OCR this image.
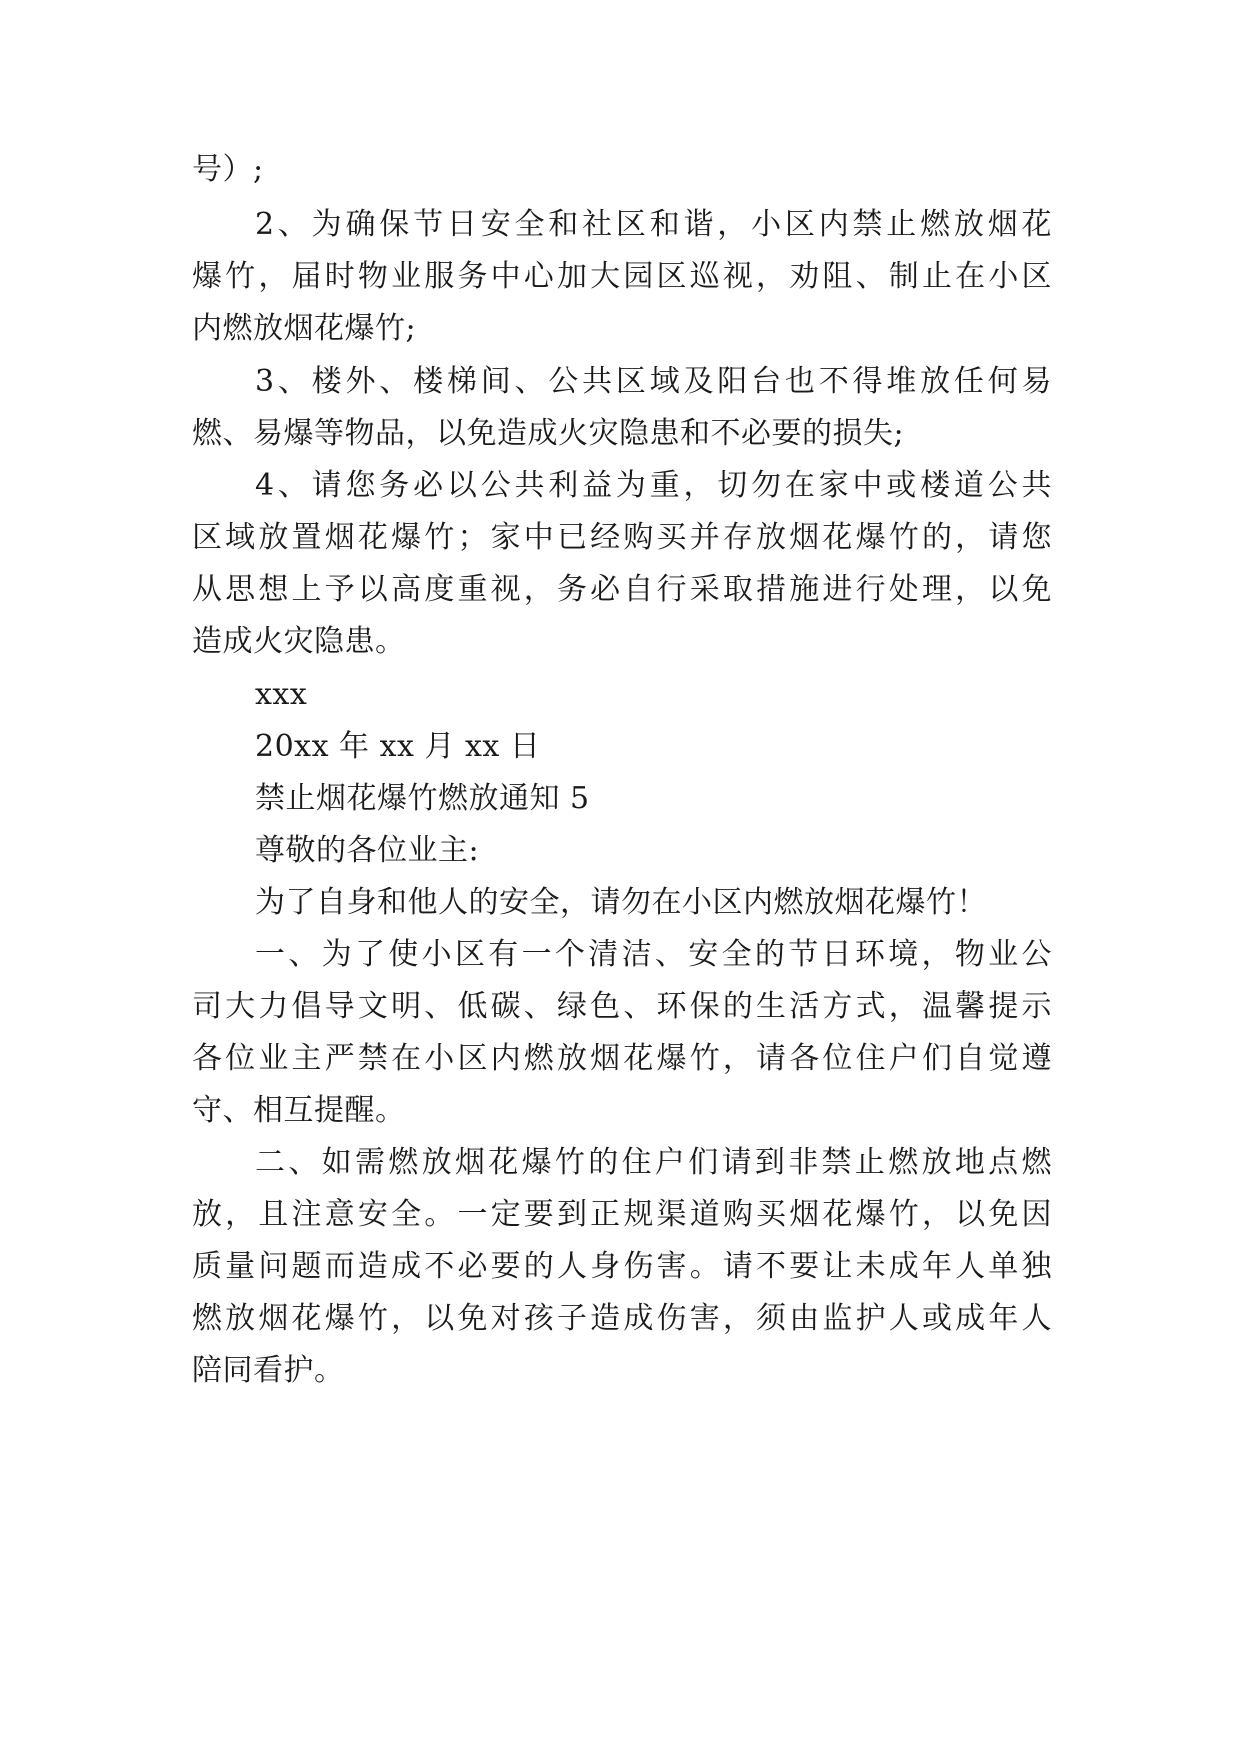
号）;
2、为确保节日安全和社区和谐，小区内禁止燃放烟花
爆竹，届时物业服务中心加大园区巡视，劝阻、制止在小区
内燃放烟花爆竹;
3、楼外、楼梯间、公共区域及阳台也不得堆放任何易
燃、易爆等物品，以免造成火灾隐患和不必要的损失;
4、请您务必以公共利益为重，切勿在家中或楼道公共
区域放置烟花爆竹；家中已经购买并存放烟花爆竹的，请您
从思想上予以高度重视，务必自行采取措施进行处理，以免
造成火灾隐患。
xxx
20xx 年 xx 月 xx 日
禁止烟花爆竹燃放通知 5
尊敬的各位业主:
为了自身和他人的安全，请勿在小区内燃放烟花爆竹！
一、为了使小区有一个清洁、安全的节日环境，物业公
司大力倡导文明、低碳、绿色、环保的生活方式，温馨提示
各位业主严禁在小区内燃放烟花爆竹，请各位住户们自觉遵
守、相互提醒。
二、如需燃放烟花爆竹的住户们请到非禁止燃放地点燃
放，且注意安全。一定要到正规渠道购买烟花爆竹，以免因
质量问题而造成不必要的人身伤害。请不要让未成年人单独
燃放烟花爆竹，以免对孩子造成伤害，须由监护人或成年人
陪同看护。
